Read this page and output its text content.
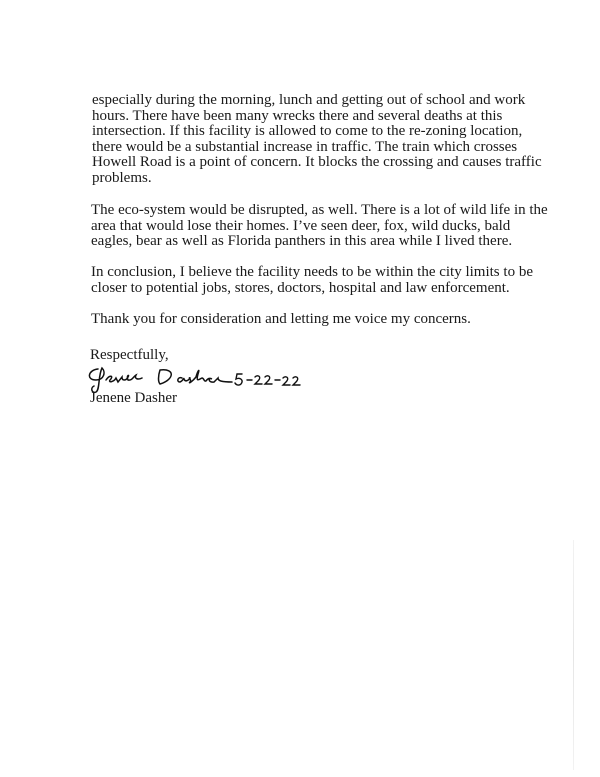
especially during the morning, lunch and getting out of school and work
hours. There have been many wrecks there and several deaths at this
intersection. If this facility is allowed to come to the re-zoning location,
there would be a substantial increase in traffic. The train which crosses
Howell Road is a point of concern. It blocks the crossing and causes traffic
problems.
The eco-system would be disrupted, as well. There is a lot of wild life in the
area that would lose their homes. I’ve seen deer, fox, wild ducks, bald
eagles, bear as well as Florida panthers in this area while I lived there.
In conclusion, I believe the facility needs to be within the city limits to be
closer to potential jobs, stores, doctors, hospital and law enforcement.
Thank you for consideration and letting me voice my concerns.
Respectfully,
Jenene Dasher
